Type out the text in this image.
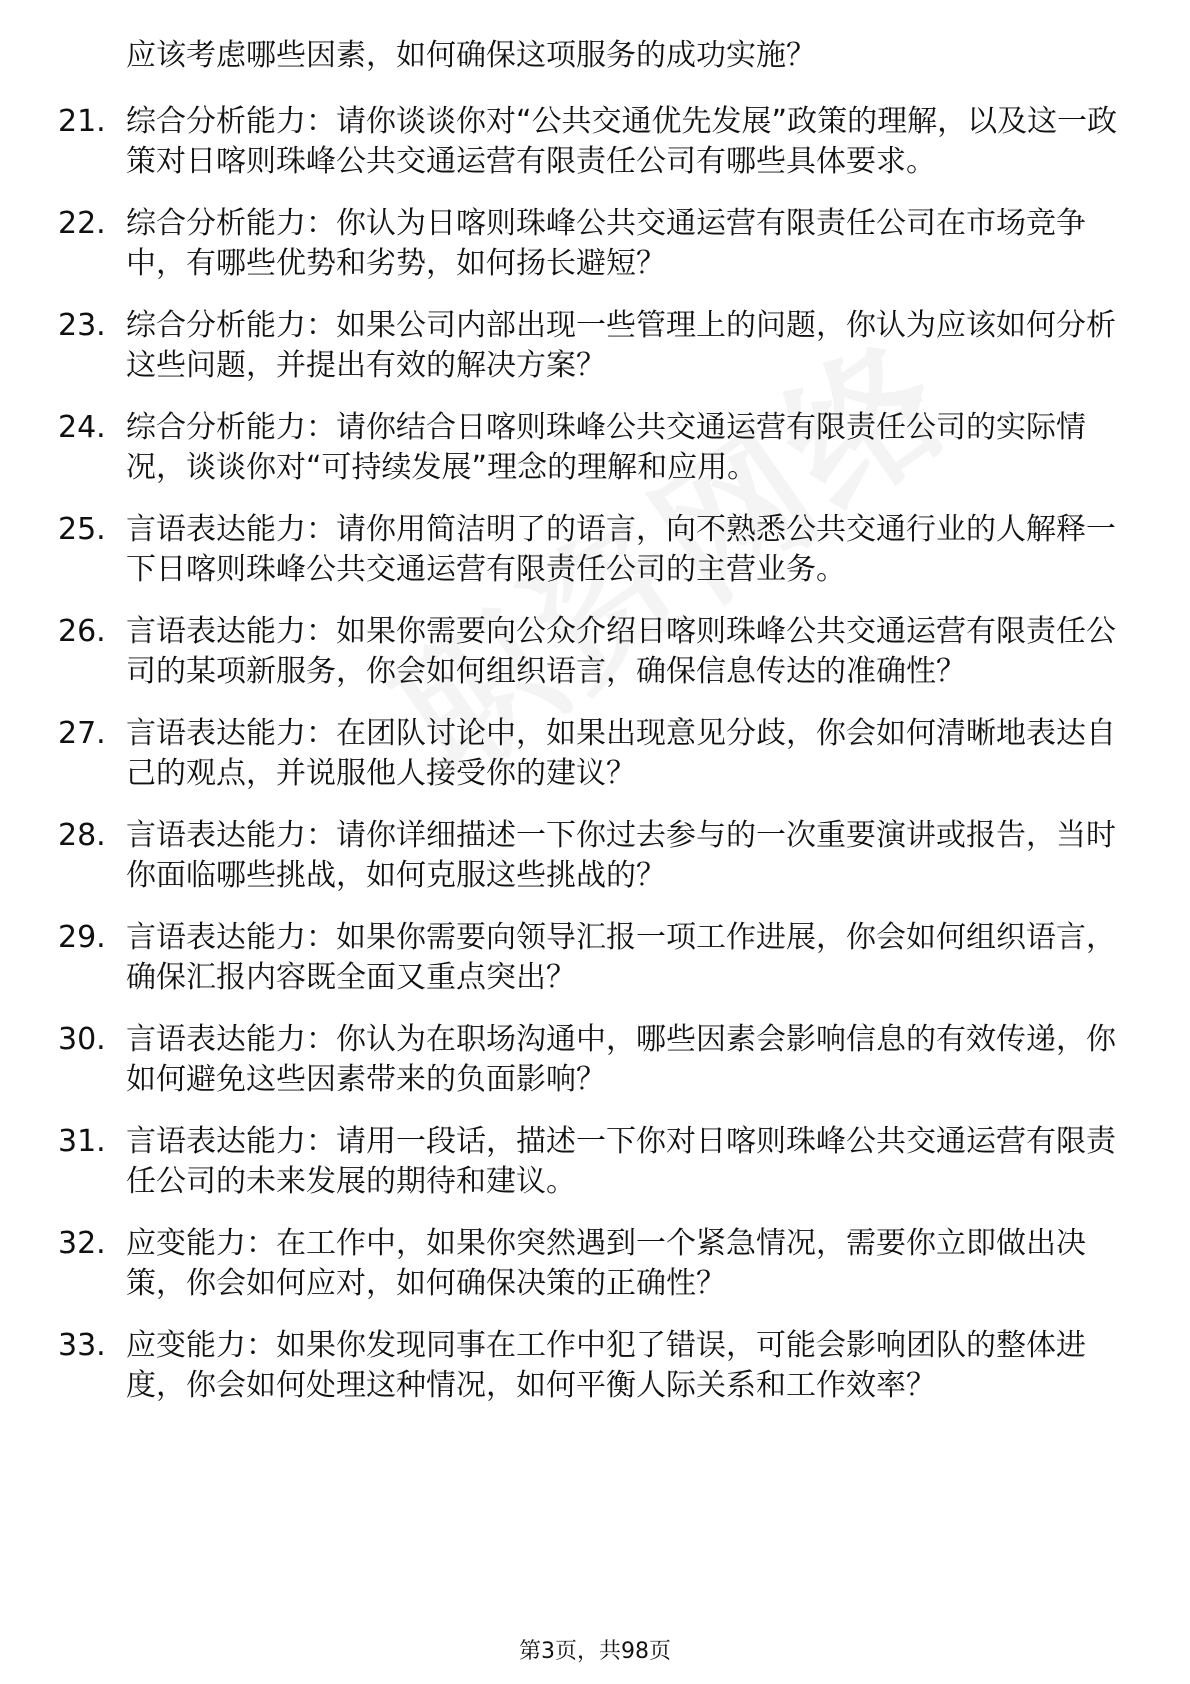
应该考虑哪些因素，如何确保这项服务的成功实施？
21. 综合分析能力：请你谈谈你对“公共交通优先发展”政策的理解，以及这一政策对日喀则珠峰公共交通运营有限责任公司有哪些具体要求。
22. 综合分析能力：你认为日喀则珠峰公共交通运营有限责任公司在市场竞争中，有哪些优势和劣势，如何扬长避短？
23. 综合分析能力：如果公司内部出现一些管理上的问题，你认为应该如何分析这些问题，并提出有效的解决方案？
24. 综合分析能力：请你结合日喀则珠峰公共交通运营有限责任公司的实际情况，谈谈你对“可持续发展”理念的理解和应用。
25. 言语表达能力：请你用简洁明了的语言，向不熟悉公共交通行业的人解释一下日喀则珠峰公共交通运营有限责任公司的主营业务。
26. 言语表达能力：如果你需要向公众介绍日喀则珠峰公共交通运营有限责任公司的某项新服务，你会如何组织语言，确保信息传达的准确性？
27. 言语表达能力：在团队讨论中，如果出现意见分歧，你会如何清晰地表达自己的观点，并说服他人接受你的建议？
28. 言语表达能力：请你详细描述一下你过去参与的一次重要演讲或报告，当时你面临哪些挑战，如何克服这些挑战的？
29. 言语表达能力：如果你需要向领导汇报一项工作进展，你会如何组织语言，确保汇报内容既全面又重点突出？
30. 言语表达能力：你认为在职场沟通中，哪些因素会影响信息的有效传递，你如何避免这些因素带来的负面影响？
31. 言语表达能力：请用一段话，描述一下你对日喀则珠峰公共交通运营有限责任公司的未来发展的期待和建议。
32. 应变能力：在工作中，如果你突然遇到一个紧急情况，需要你立即做出决策，你会如何应对，如何确保决策的正确性？
33. 应变能力：如果你发现同事在工作中犯了错误，可能会影响团队的整体进度，你会如何处理这种情况，如何平衡人际关系和工作效率？
第3页，共98页
